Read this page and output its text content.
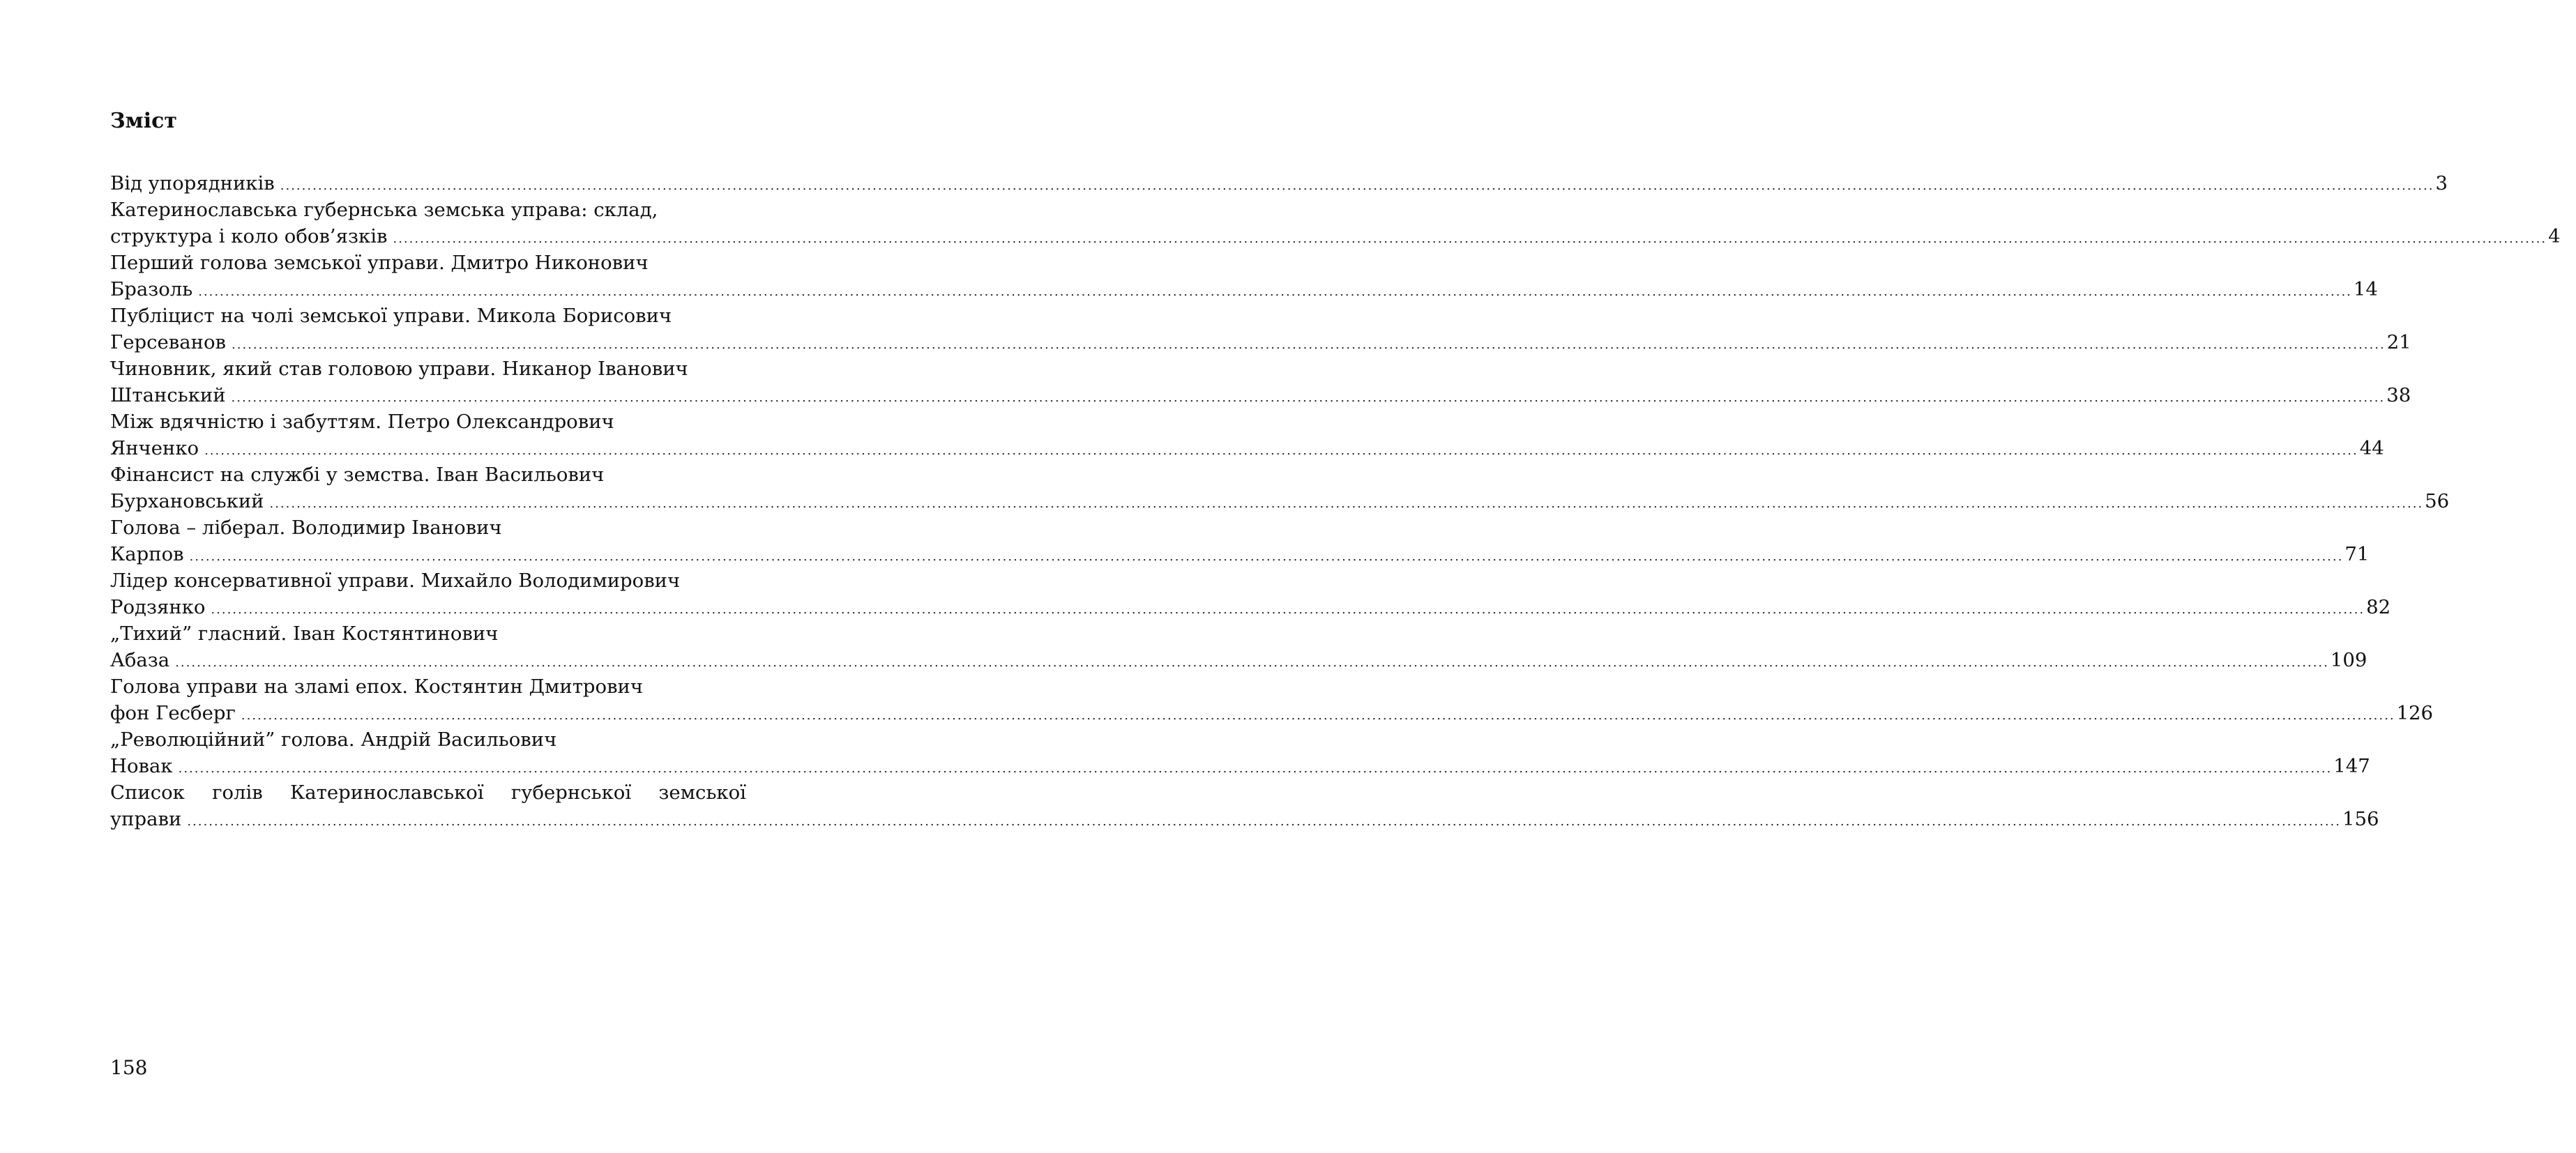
Зміст
Від упорядників ................................................................................................................................................................................................................................................................................................................................................................................................................ 3
Катеринославська губернська земська управа: склад,
структура і коло обов’язків ................................................................................................................................................................................................................................................................................................................................................................................................................ 4
Перший голова земської управи. Дмитро Никонович
Бразоль ................................................................................................................................................................................................................................................................................................................................................................................................................ 14
Публіцист на чолі земської управи. Микола Борисович
Герсеванов ................................................................................................................................................................................................................................................................................................................................................................................................................ 21
Чиновник, який став головою управи. Никанор Іванович
Штанський ................................................................................................................................................................................................................................................................................................................................................................................................................ 38
Між вдячністю і забуттям. Петро Олександрович
Янченко ................................................................................................................................................................................................................................................................................................................................................................................................................ 44
Фінансист на службі у земства. Іван Васильович
Бурхановський ................................................................................................................................................................................................................................................................................................................................................................................................................ 56
Голова – ліберал. Володимир Іванович
Карпов ................................................................................................................................................................................................................................................................................................................................................................................................................ 71
Лідер консервативної управи. Михайло Володимирович
Родзянко ................................................................................................................................................................................................................................................................................................................................................................................................................ 82
„Тихий” гласний. Іван Костянтинович
Абаза ................................................................................................................................................................................................................................................................................................................................................................................................................ 109
Голова управи на зламі епох. Костянтин Дмитрович
фон Гесберг ................................................................................................................................................................................................................................................................................................................................................................................................................ 126
„Революційний” голова. Андрій Васильович
Новак ................................................................................................................................................................................................................................................................................................................................................................................................................ 147
Список голів Катеринославської губернської земської
управи ................................................................................................................................................................................................................................................................................................................................................................................................................ 156
158
